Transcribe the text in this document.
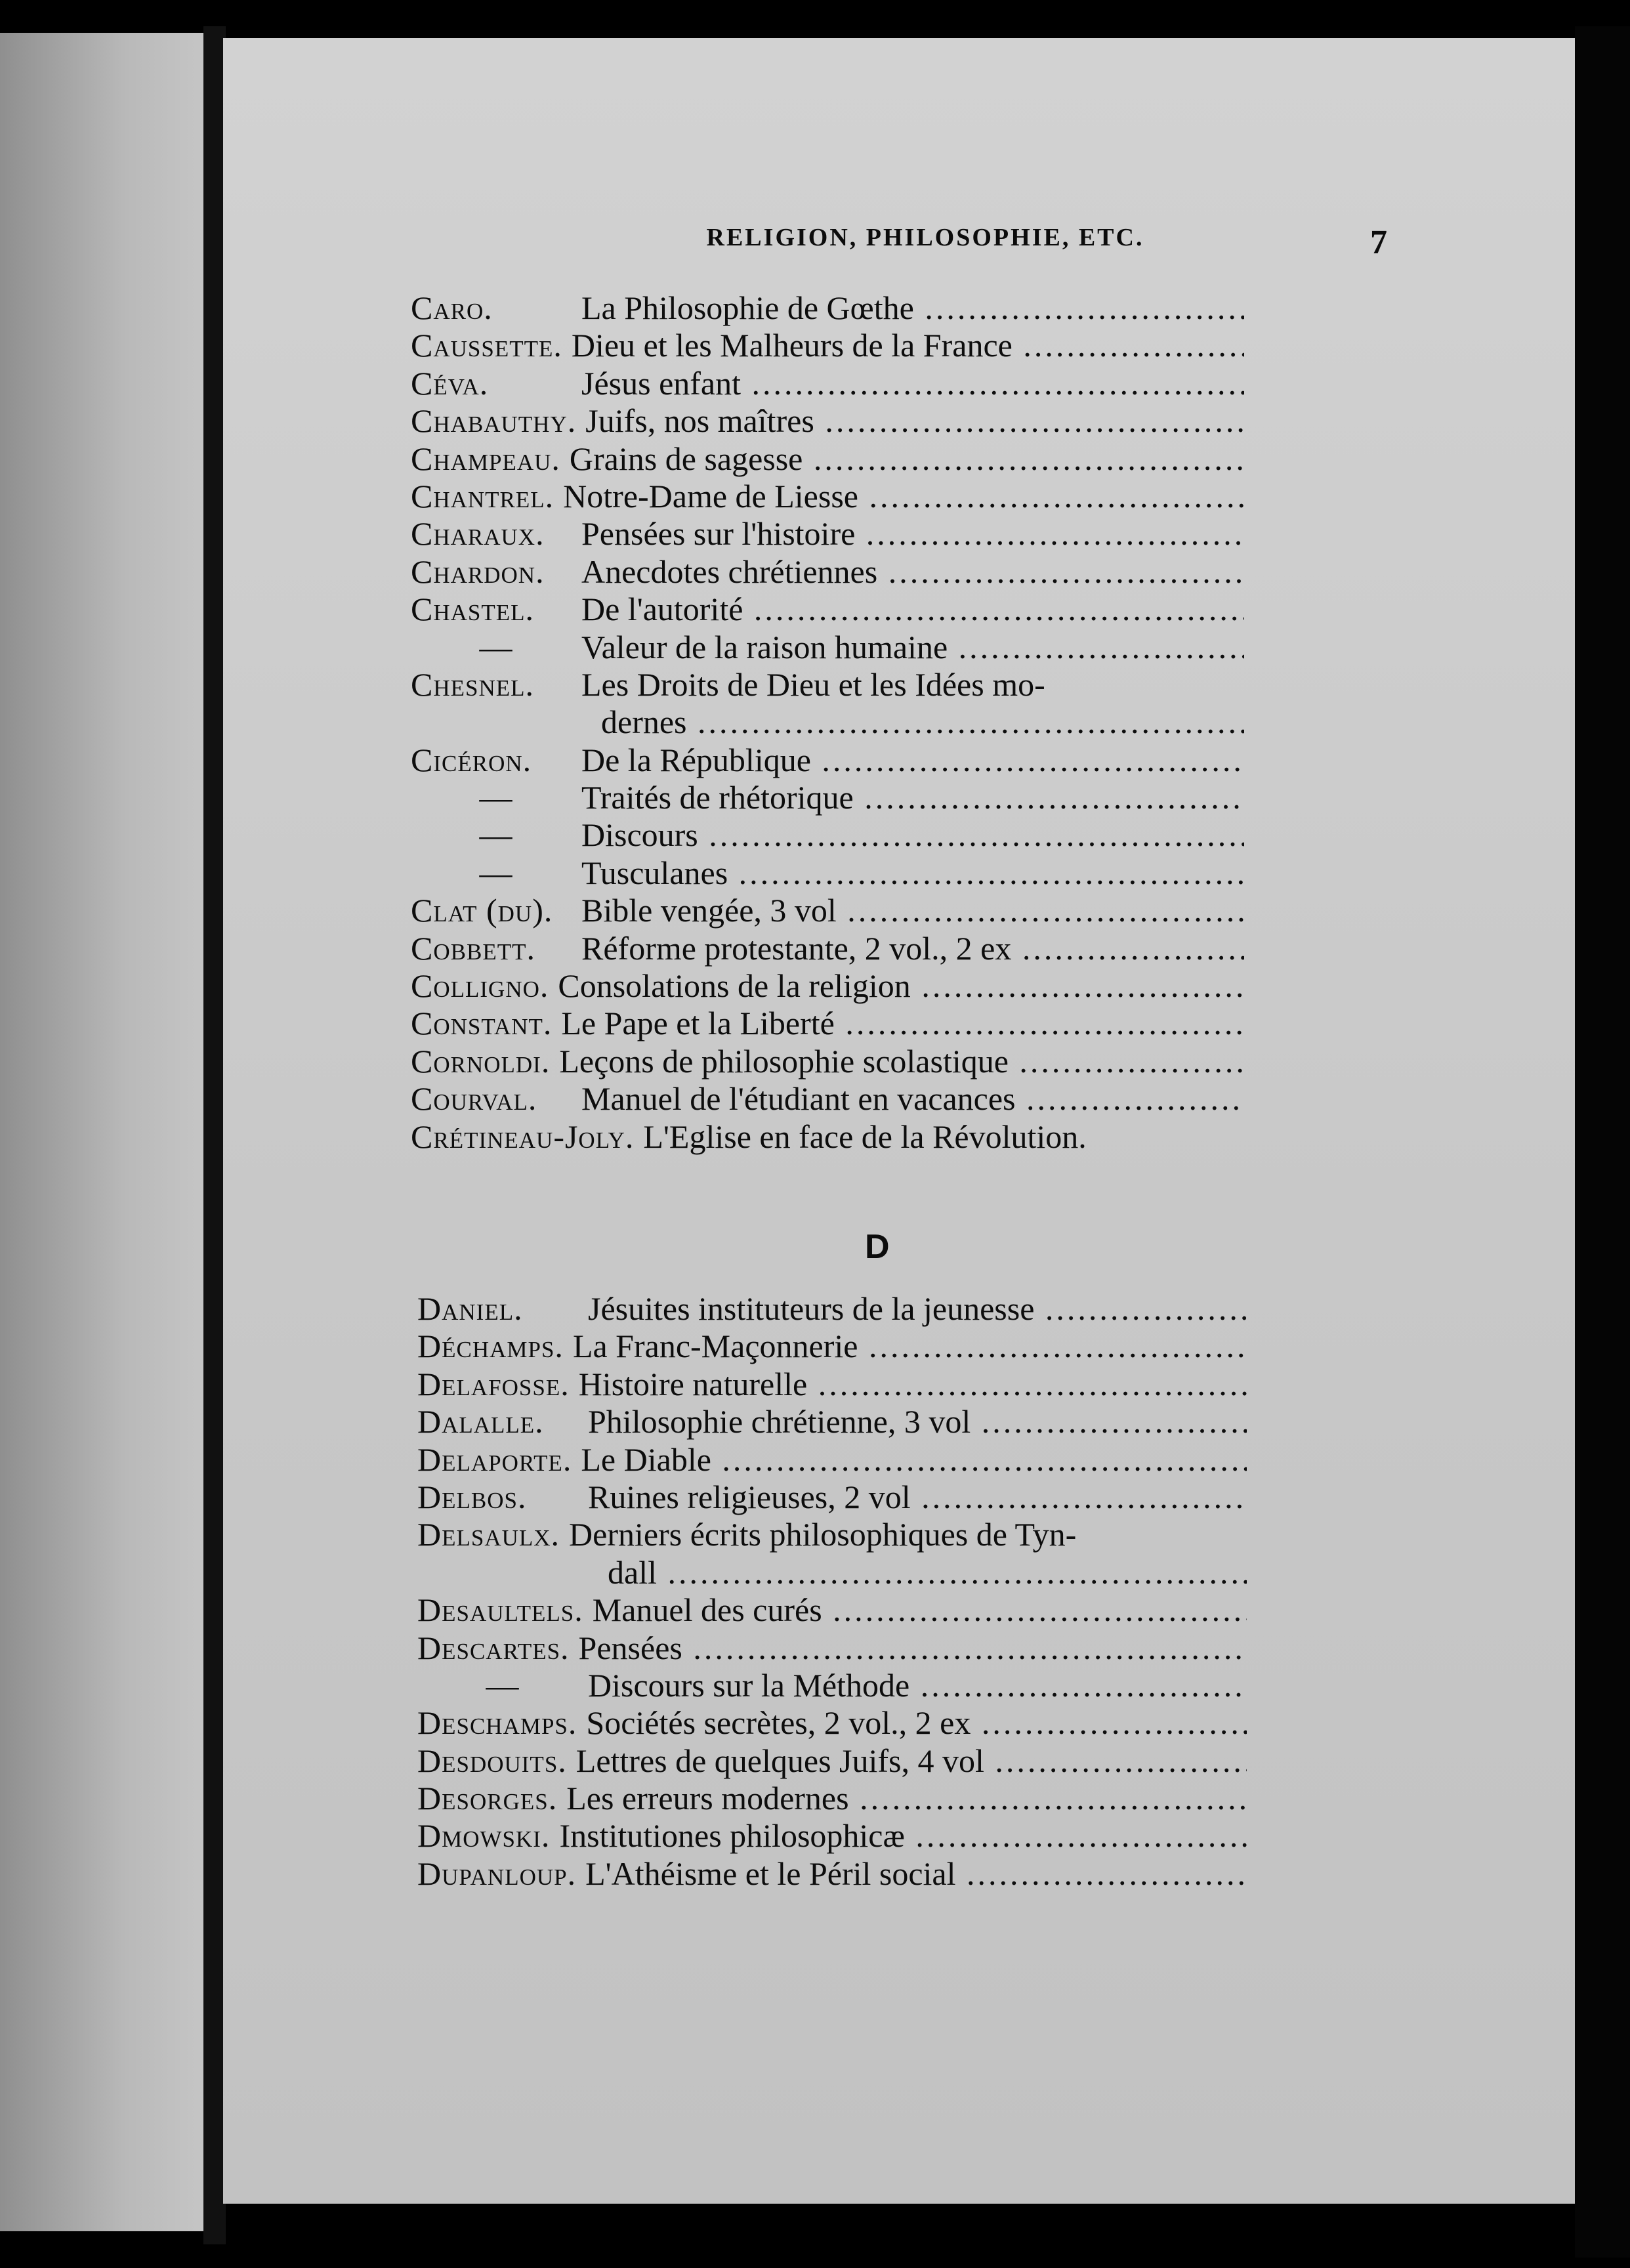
RELIGION, PHILOSOPHIE, ETC.	7
Caro.	La Philosophie de Gœthe .....
Caussette. Dieu et les Malheurs de la France .....
Céva.	Jésus enfant .....
Chabauthy. Juifs, nos maîtres .....
Champeau. Grains de sagesse .....
Chantrel. Notre-Dame de Liesse .....
Charaux.	Pensées sur l'histoire .....
Chardon.	Anecdotes chrétiennes .....
Chastel.	De l'autorité .....
—	Valeur de la raison humaine .....
Chesnel.	Les Droits de Dieu et les Idées mo-
dernes .....
Cicéron.	De la République .....
—	Traités de rhétorique .....
—	Discours .....
—	Tusculanes .....
Clat (du). Bible vengée, 3 vol .....
Cobbett.	Réforme protestante, 2 vol., 2 ex .....
Colligno. Consolations de la religion .....
Constant. Le Pape et la Liberté .....
Cornoldi. Leçons de philosophie scolastique .....
Courval.	Manuel de l'étudiant en vacances .....
Crétineau-Joly. L'Eglise en face de la Révolution.
D
Daniel.	Jésuites instituteurs de la jeunesse .....
Déchamps. La Franc-Maçonnerie .....
Delafosse. Histoire naturelle .....
Dalalle.	Philosophie chrétienne, 3 vol .....
Delaporte. Le Diable .....
Delbos.	Ruines religieuses, 2 vol .....
Delsaulx. Derniers écrits philosophiques de Tyn-
dall .....
Desaultels. Manuel des curés .....
Descartes. Pensées .....
—	Discours sur la Méthode .....
Deschamps. Sociétés secrètes, 2 vol., 2 ex .....
Desdouits. Lettres de quelques Juifs, 4 vol .....
Desorges. Les erreurs modernes .....
Dmowski. Institutiones philosophicæ .....
Dupanloup. L'Athéisme et le Péril social .....
